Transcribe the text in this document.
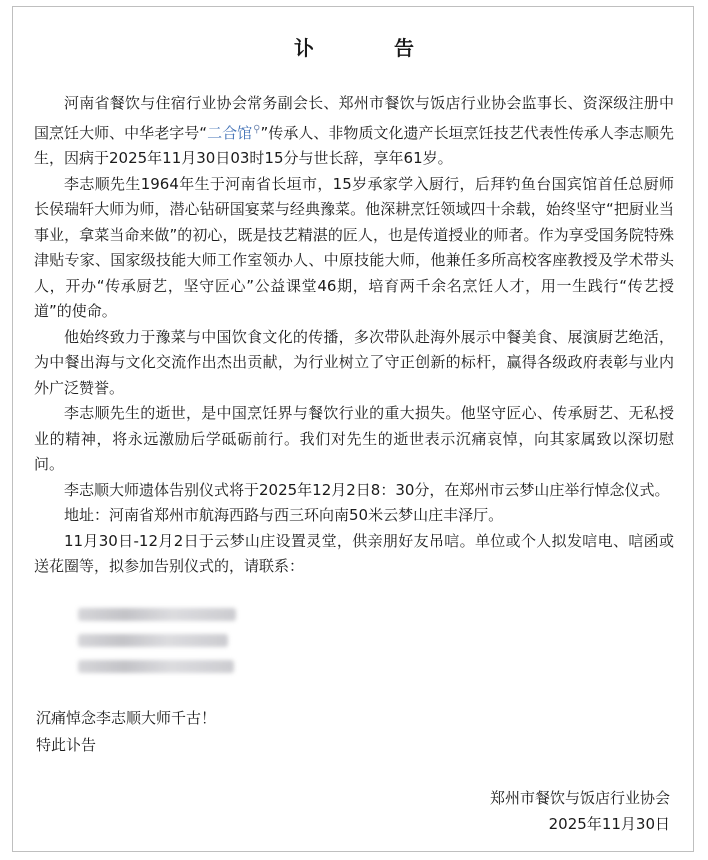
讣　告

河南省餐饮与住宿行业协会常务副会长、郑州市餐饮与饭店行业协会监事长、资深级注册中国烹饪大师、中华老字号“二合馆⚲”传承人、非物质文化遗产长垣烹饪技艺代表性传承人李志顺先生，因病于2025年11月30日03时15分与世长辞，享年61岁。

李志顺先生1964年生于河南省长垣市，15岁承家学入厨行，后拜钓鱼台国宾馆首任总厨师长侯瑞轩大师为师，潜心钻研国宴菜与经典豫菜。他深耕烹饪领域四十余载，始终坚守“把厨业当事业，拿菜当命来做”的初心，既是技艺精湛的匠人，也是传道授业的师者。作为享受国务院特殊津贴专家、国家级技能大师工作室领办人、中原技能大师，他兼任多所高校客座教授及学术带头人，开办“传承厨艺，坚守匠心”公益课堂46期，培育两千余名烹饪人才，用一生践行“传艺授道”的使命。

他始终致力于豫菜与中国饮食文化的传播，多次带队赴海外展示中餐美食、展演厨艺绝活，为中餐出海与文化交流作出杰出贡献，为行业树立了守正创新的标杆，赢得各级政府表彰与业内外广泛赞誉。

李志顺先生的逝世，是中国烹饪界与餐饮行业的重大损失。他坚守匠心、传承厨艺、无私授业的精神，将永远激励后学砥砺前行。我们对先生的逝世表示沉痛哀悼，向其家属致以深切慰问。

李志顺大师遗体告别仪式将于2025年12月2日8：30分，在郑州市云梦山庄举行悼念仪式。

地址：河南省郑州市航海西路与西三环向南50米云梦山庄丰泽厅。

11月30日-12月2日于云梦山庄设置灵堂，供亲朋好友吊唁。单位或个人拟发唁电、唁函或送花圈等，拟参加告别仪式的，请联系：

沉痛悼念李志顺大师千古！
特此讣告
郑州市餐饮与饭店行业协会
2025年11月30日
